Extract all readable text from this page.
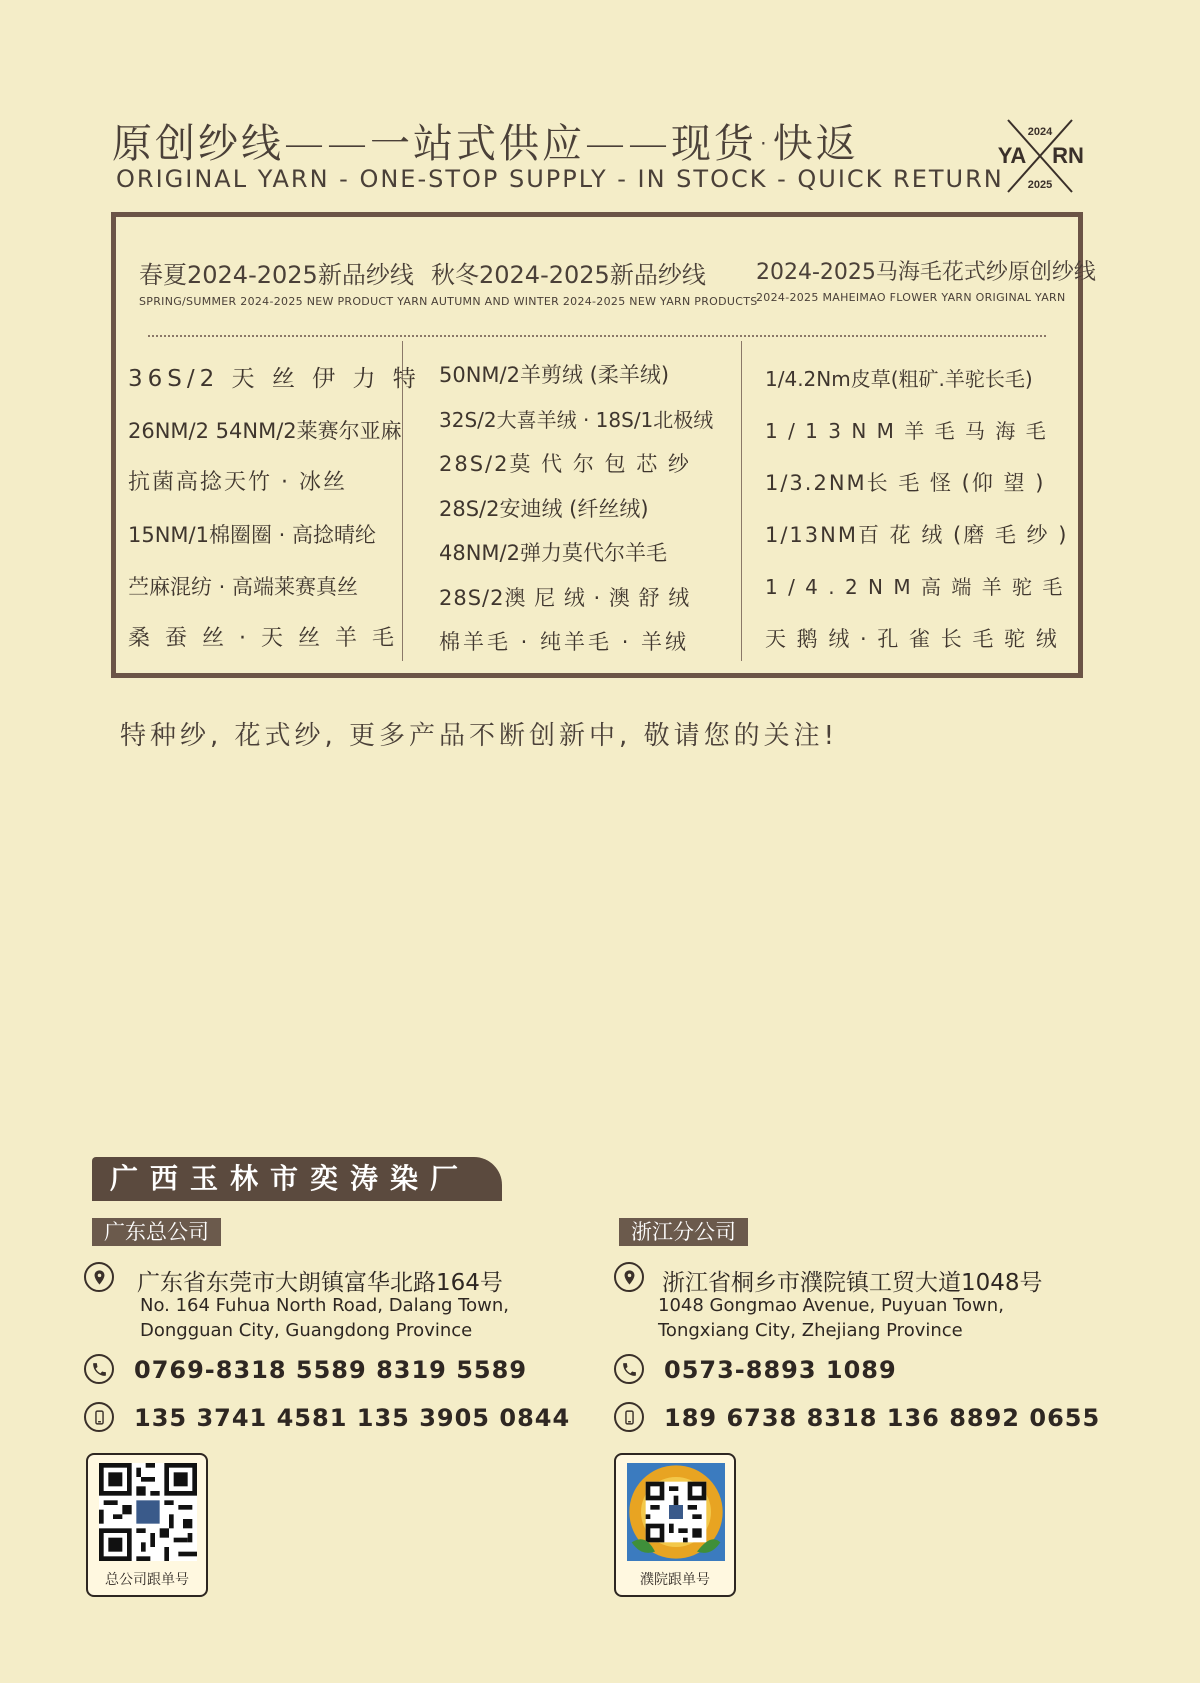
原创纱线——一站式供应——现货·快返
ORIGINAL YARN - ONE-STOP SUPPLY - IN STOCK - QUICK RETURN
2024
2025
YA RN
春夏2024-2025新品纱线
SPRING/SUMMER 2024-2025 NEW PRODUCT YARN
秋冬2024-2025新品纱线
AUTUMN AND WINTER 2024-2025 NEW YARN PRODUCTS
2024-2025马海毛花式纱原创纱线
2024-2025 MAHEIMAO FLOWER YARN ORIGINAL YARN
36S/2 天 丝 伊 力 特
26NM/2 54NM/2莱赛尔亚麻
抗菌高捻天竹 · 冰丝
15NM/1棉圈圈 · 高捻晴纶
苎麻混纺 · 高端莱赛真丝
桑 蚕 丝 · 天 丝 羊 毛
50NM/2羊剪绒 (柔羊绒)
32S/2大喜羊绒 · 18S/1北极绒
28S/2莫 代 尔 包 芯 纱
28S/2安迪绒 (纤丝绒)
48NM/2弹力莫代尔羊毛
28S/2澳 尼 绒 · 澳 舒 绒
棉羊毛 · 纯羊毛 · 羊绒
1/4.2Nm皮草(粗矿.羊驼长毛)
1 / 1 3 N M 羊 毛 马 海 毛
1/3.2NM长 毛 怪 (仰 望 )
1/13NM百 花 绒 (磨 毛 纱 )
1 / 4 . 2 N M 高 端 羊 驼 毛
天 鹅 绒 · 孔 雀 长 毛 驼 绒
特种纱, 花式纱, 更多产品不断创新中, 敬请您的关注!
广西玉林市奕涛染厂
广东总公司
广东省东莞市大朗镇富华北路164号
No. 164 Fuhua North Road, Dalang Town,
Dongguan City, Guangdong Province
0769-8318 5589 8319 5589
135 3741 4581 135 3905 0844
总公司跟单号
浙江分公司
浙江省桐乡市濮院镇工贸大道1048号
1048 Gongmao Avenue, Puyuan Town,
Tongxiang City, Zhejiang Province
0573-8893 1089
189 6738 8318 136 8892 0655
濮院跟单号
